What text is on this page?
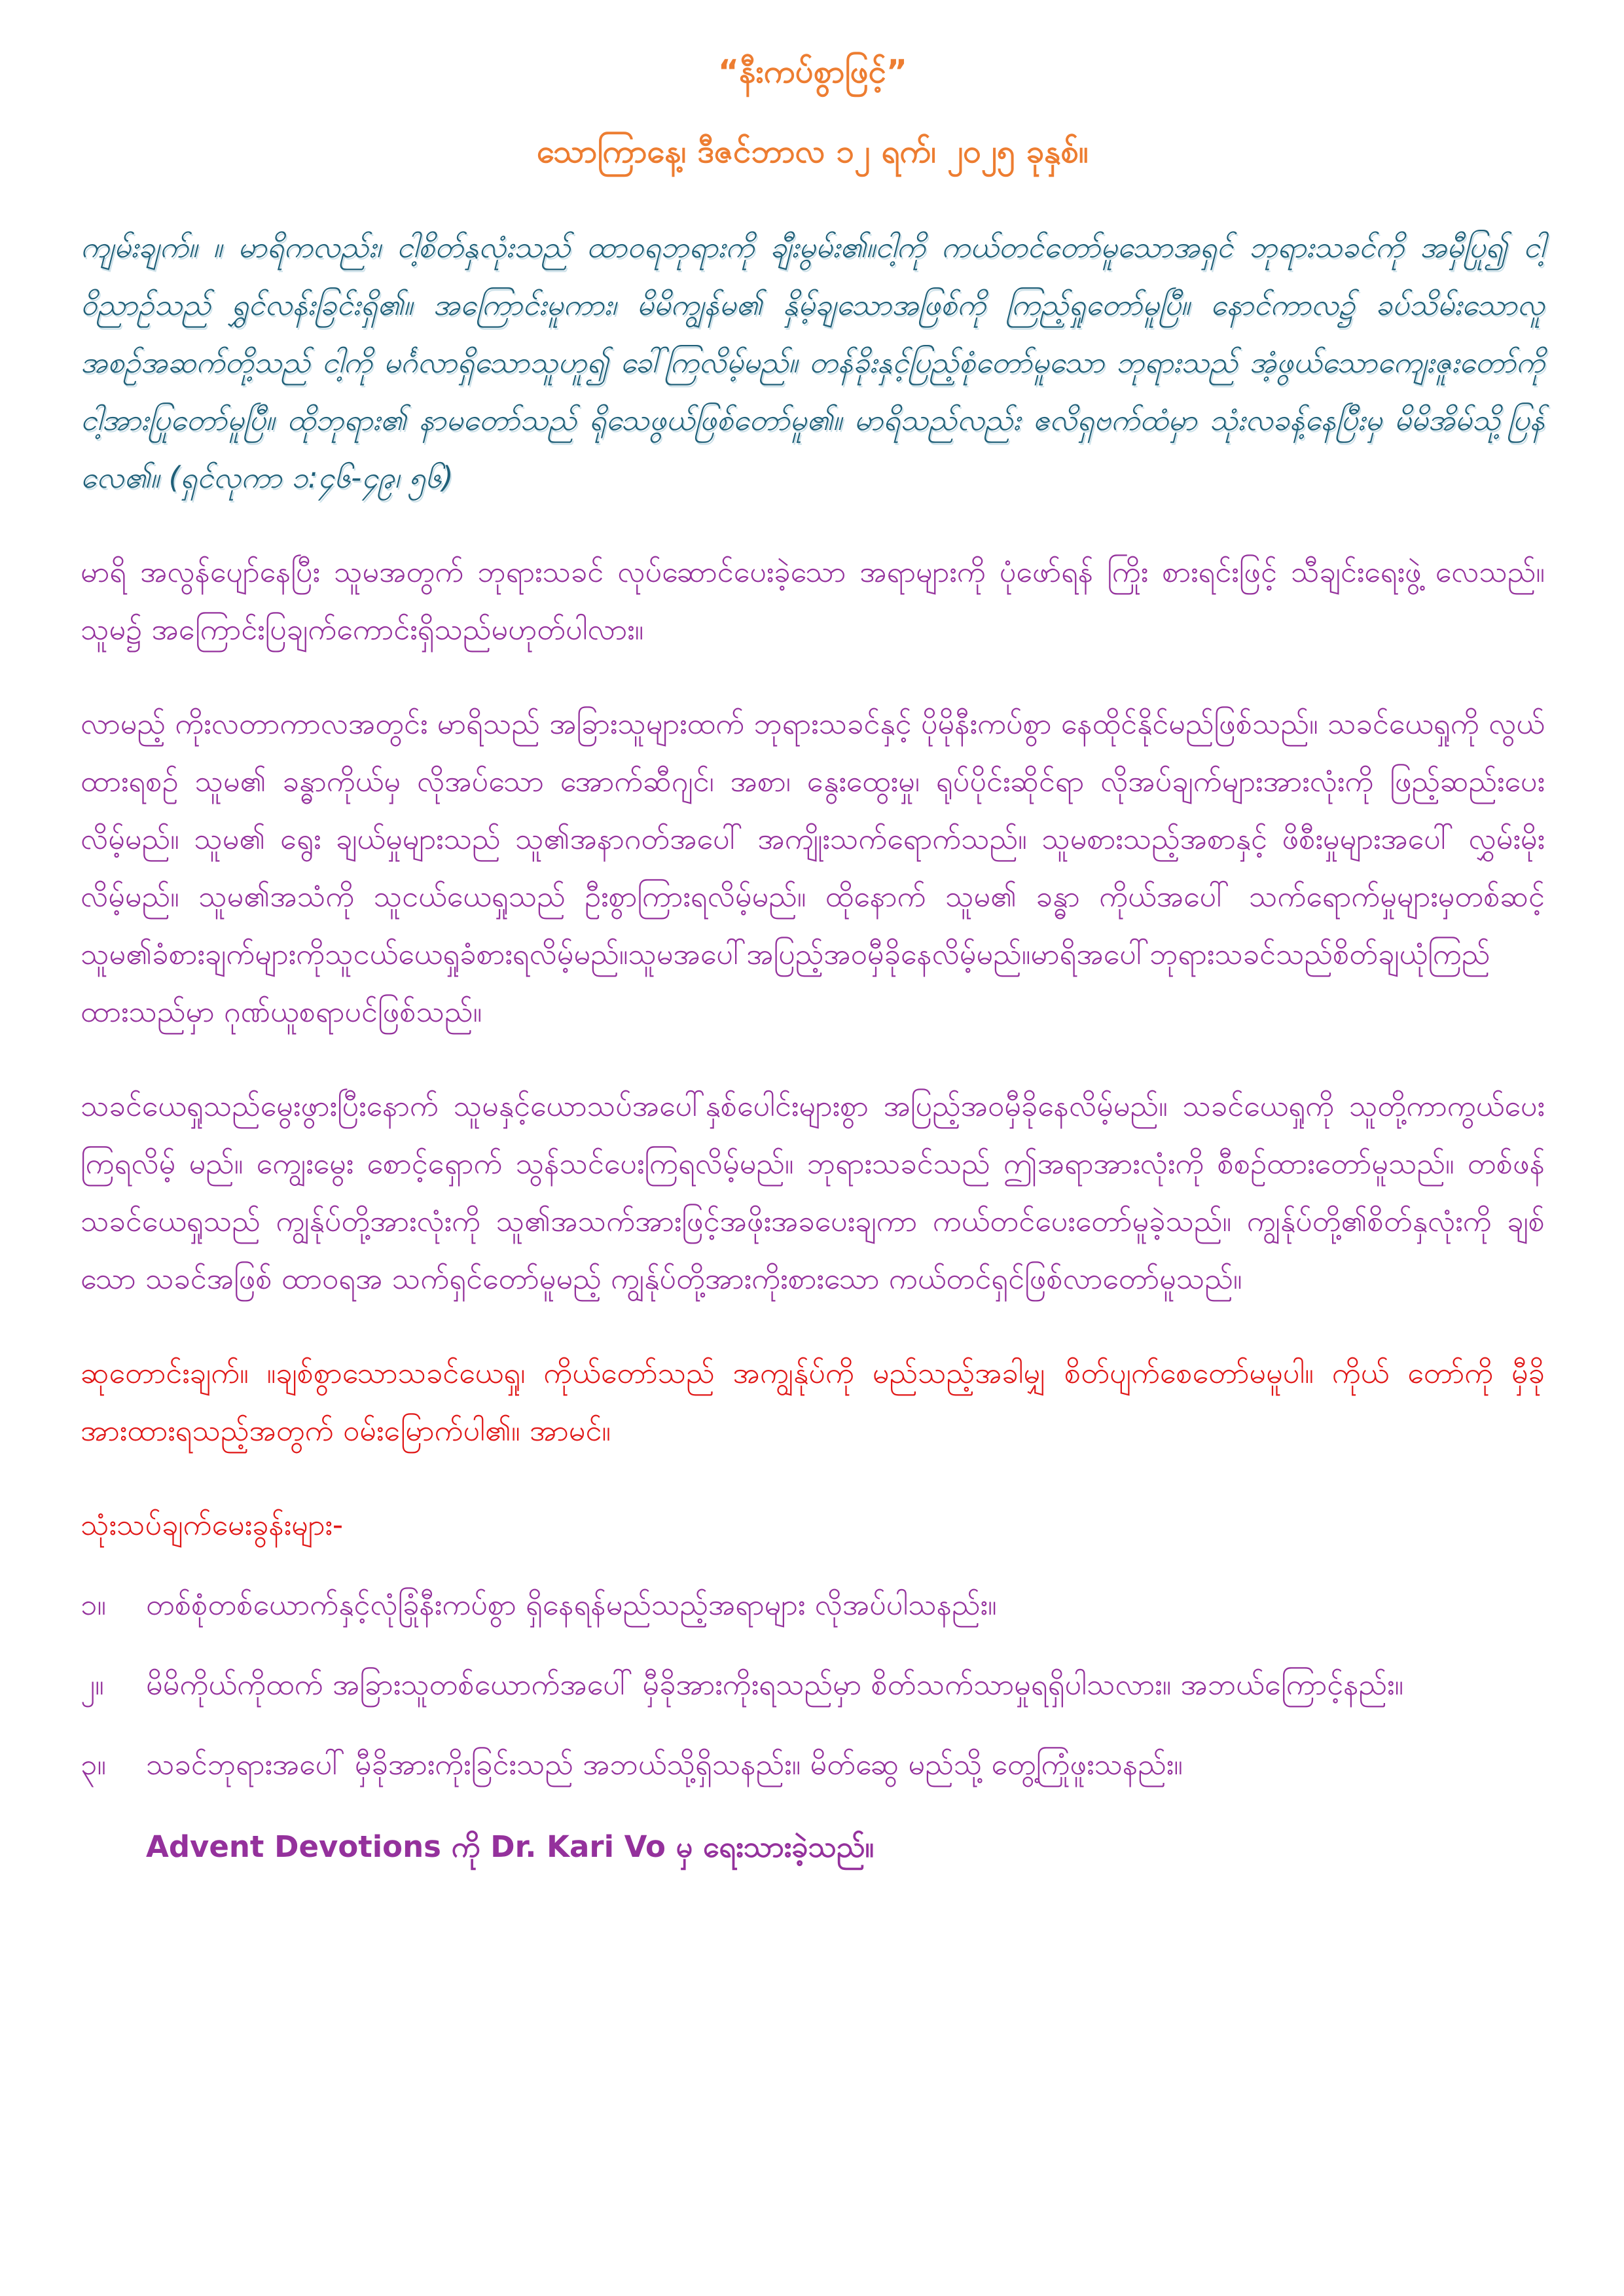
“နီးကပ်စွာဖြင့်”
သောကြာနေ့၊ ဒီဇင်ဘာလ ၁၂ ရက်၊ ၂၀၂၅ ခုနှစ်။

ကျမ်းချက်။ ။ မာရိကလည်း၊ ငါ့စိတ်နှလုံးသည် ထာဝရဘုရားကို ချီးမွမ်း၏။ငါ့ကို ကယ်တင်တော်မူသောအရှင် ဘုရားသခင်ကို အမှီပြု၍ ငါ့ဝိညာဉ်သည် ရွှင်လန်းခြင်းရှိ၏။ အကြောင်းမူကား၊ မိမိကျွန်မ၏ နှိမ့်ချသောအဖြစ်ကို ကြည့်ရှုတော်မူပြီ။ နောင်ကာလ၌ ခပ်သိမ်းသောလူ အစဉ်အဆက်တို့သည် ငါ့ကို မင်္ဂလာရှိသောသူဟူ၍ ခေါ်ကြလိမ့်မည်။ တန်ခိုးနှင့်ပြည့်စုံတော်မူသော ဘုရားသည် အံ့ဖွယ်သောကျေးဇူးတော်ကို ငါ့အားပြုတော်မူပြီ။ ထိုဘုရား၏ နာမတော်သည် ရိုသေဖွယ်ဖြစ်တော်မူ၏။ မာရိသည်လည်း ဧလိရှဗက်ထံမှာ သုံးလခန့်နေပြီးမှ မိမိအိမ်သို့ပြန်လေ၏။ (ရှင်လုကာ ၁:၄၆-၄၉၊ ၅၆)

မာရိ အလွန်ပျော်နေပြီး သူမအတွက် ဘုရားသခင် လုပ်ဆောင်ပေးခဲ့သော အရာများကို ပုံဖော်ရန် ကြိုး စားရင်းဖြင့် သီချင်းရေးဖွဲ့ လေသည်။ သူမ၌ အကြောင်းပြချက်ကောင်းရှိသည်မဟုတ်ပါလား။

လာမည့် ကိုးလတာကာလအတွင်း မာရိသည် အခြားသူများထက် ဘုရားသခင်နှင့် ပိုမိုနီးကပ်စွာ နေထိုင်နိုင်မည်ဖြစ်သည်။ သခင်ယေရှုကို လွယ်ထားရစဉ် သူမ၏ ခန္ဓာကိုယ်မှ လိုအပ်သော အောက်ဆီဂျင်၊ အစာ၊ နွေးထွေးမှု၊ ရုပ်ပိုင်းဆိုင်ရာ လိုအပ်ချက်များအားလုံးကို ဖြည့်ဆည်းပေး လိမ့်မည်။ သူမ၏ ရွေး ချယ်မှုများသည် သူ၏အနာဂတ်အပေါ် အကျိုးသက်ရောက်သည်။ သူမစားသည့်အစာနှင့် ဖိစီးမှုများအပေါ် လွှမ်းမိုးလိမ့်မည်။ သူမ၏အသံကို သူငယ်ယေရှုသည် ဦးစွာကြားရလိမ့်မည်။ ထိုနောက် သူမ၏ ခန္ဓာ ကိုယ်အပေါ် သက်ရောက်မှုများမှတစ်ဆင့် သူမ၏ခံစားချက်များကိုသူငယ်ယေရှုခံစားရလိမ့်မည်။သူမအပေါ်အပြည့်အဝမှီခိုနေလိမ့်မည်။မာရိအပေါ်ဘုရားသခင်သည်စိတ်ချယုံကြည်ထားသည်မှာ ဂုဏ်ယူစရာပင်ဖြစ်သည်။

သခင်ယေရှုသည်မွေးဖွားပြီးနောက် သူမနှင့်ယောသပ်အပေါ်နှစ်ပေါင်းများစွာ အပြည့်အဝမှီခိုနေလိမ့်မည်။ သခင်ယေရှုကို သူတို့ကာကွယ်ပေးကြရလိမ့် မည်။ ကျွေးမွေး စောင့်ရှောက် သွန်သင်ပေးကြရလိမ့်မည်။ ဘုရားသခင်သည် ဤအရာအားလုံးကို စီစဉ်ထားတော်မူသည်။ တစ်ဖန် သခင်ယေရှုသည် ကျွန်ုပ်တို့အားလုံးကို သူ၏အသက်အားဖြင့်အဖိုးအခပေးချကာ ကယ်တင်ပေးတော်မူခဲ့သည်။ ကျွန်ုပ်တို့၏စိတ်နှလုံးကို ချစ်သော သခင်အဖြစ် ထာဝရအ သက်ရှင်တော်မူမည့် ကျွန်ုပ်တို့အားကိုးစားသော ကယ်တင်ရှင်ဖြစ်လာတော်မူသည်။

ဆုတောင်းချက်။ ။ချစ်စွာသောသခင်ယေရှု၊ ကိုယ်တော်သည် အကျွန်ုပ်ကို မည်သည့်အခါမျှ စိတ်ပျက်စေတော်မမူပါ။ ကိုယ် တော်ကို မှီခိုအားထားရသည့်အတွက် ဝမ်းမြောက်ပါ၏။ အာမင်။

သုံးသပ်ချက်မေးခွန်းများ-

၁။	တစ်စုံတစ်ယောက်နှင့်လုံခြုံနီးကပ်စွာ ရှိနေရန်မည်သည့်အရာများ လိုအပ်ပါသနည်း။
၂။	မိမိကိုယ်ကိုထက် အခြားသူတစ်ယောက်အပေါ် မှီခိုအားကိုးရသည်မှာ စိတ်သက်သာမှုရရှိပါသလား။ အဘယ်ကြောင့်နည်း။
၃။	သခင်ဘုရားအပေါ် မှီခိုအားကိုးခြင်းသည် အဘယ်သို့ရှိသနည်း။ မိတ်ဆွေ မည်သို့ တွေ့ကြုံဖူးသနည်း။

Advent Devotions ကို Dr. Kari Vo မှ ရေးသားခဲ့သည်။
